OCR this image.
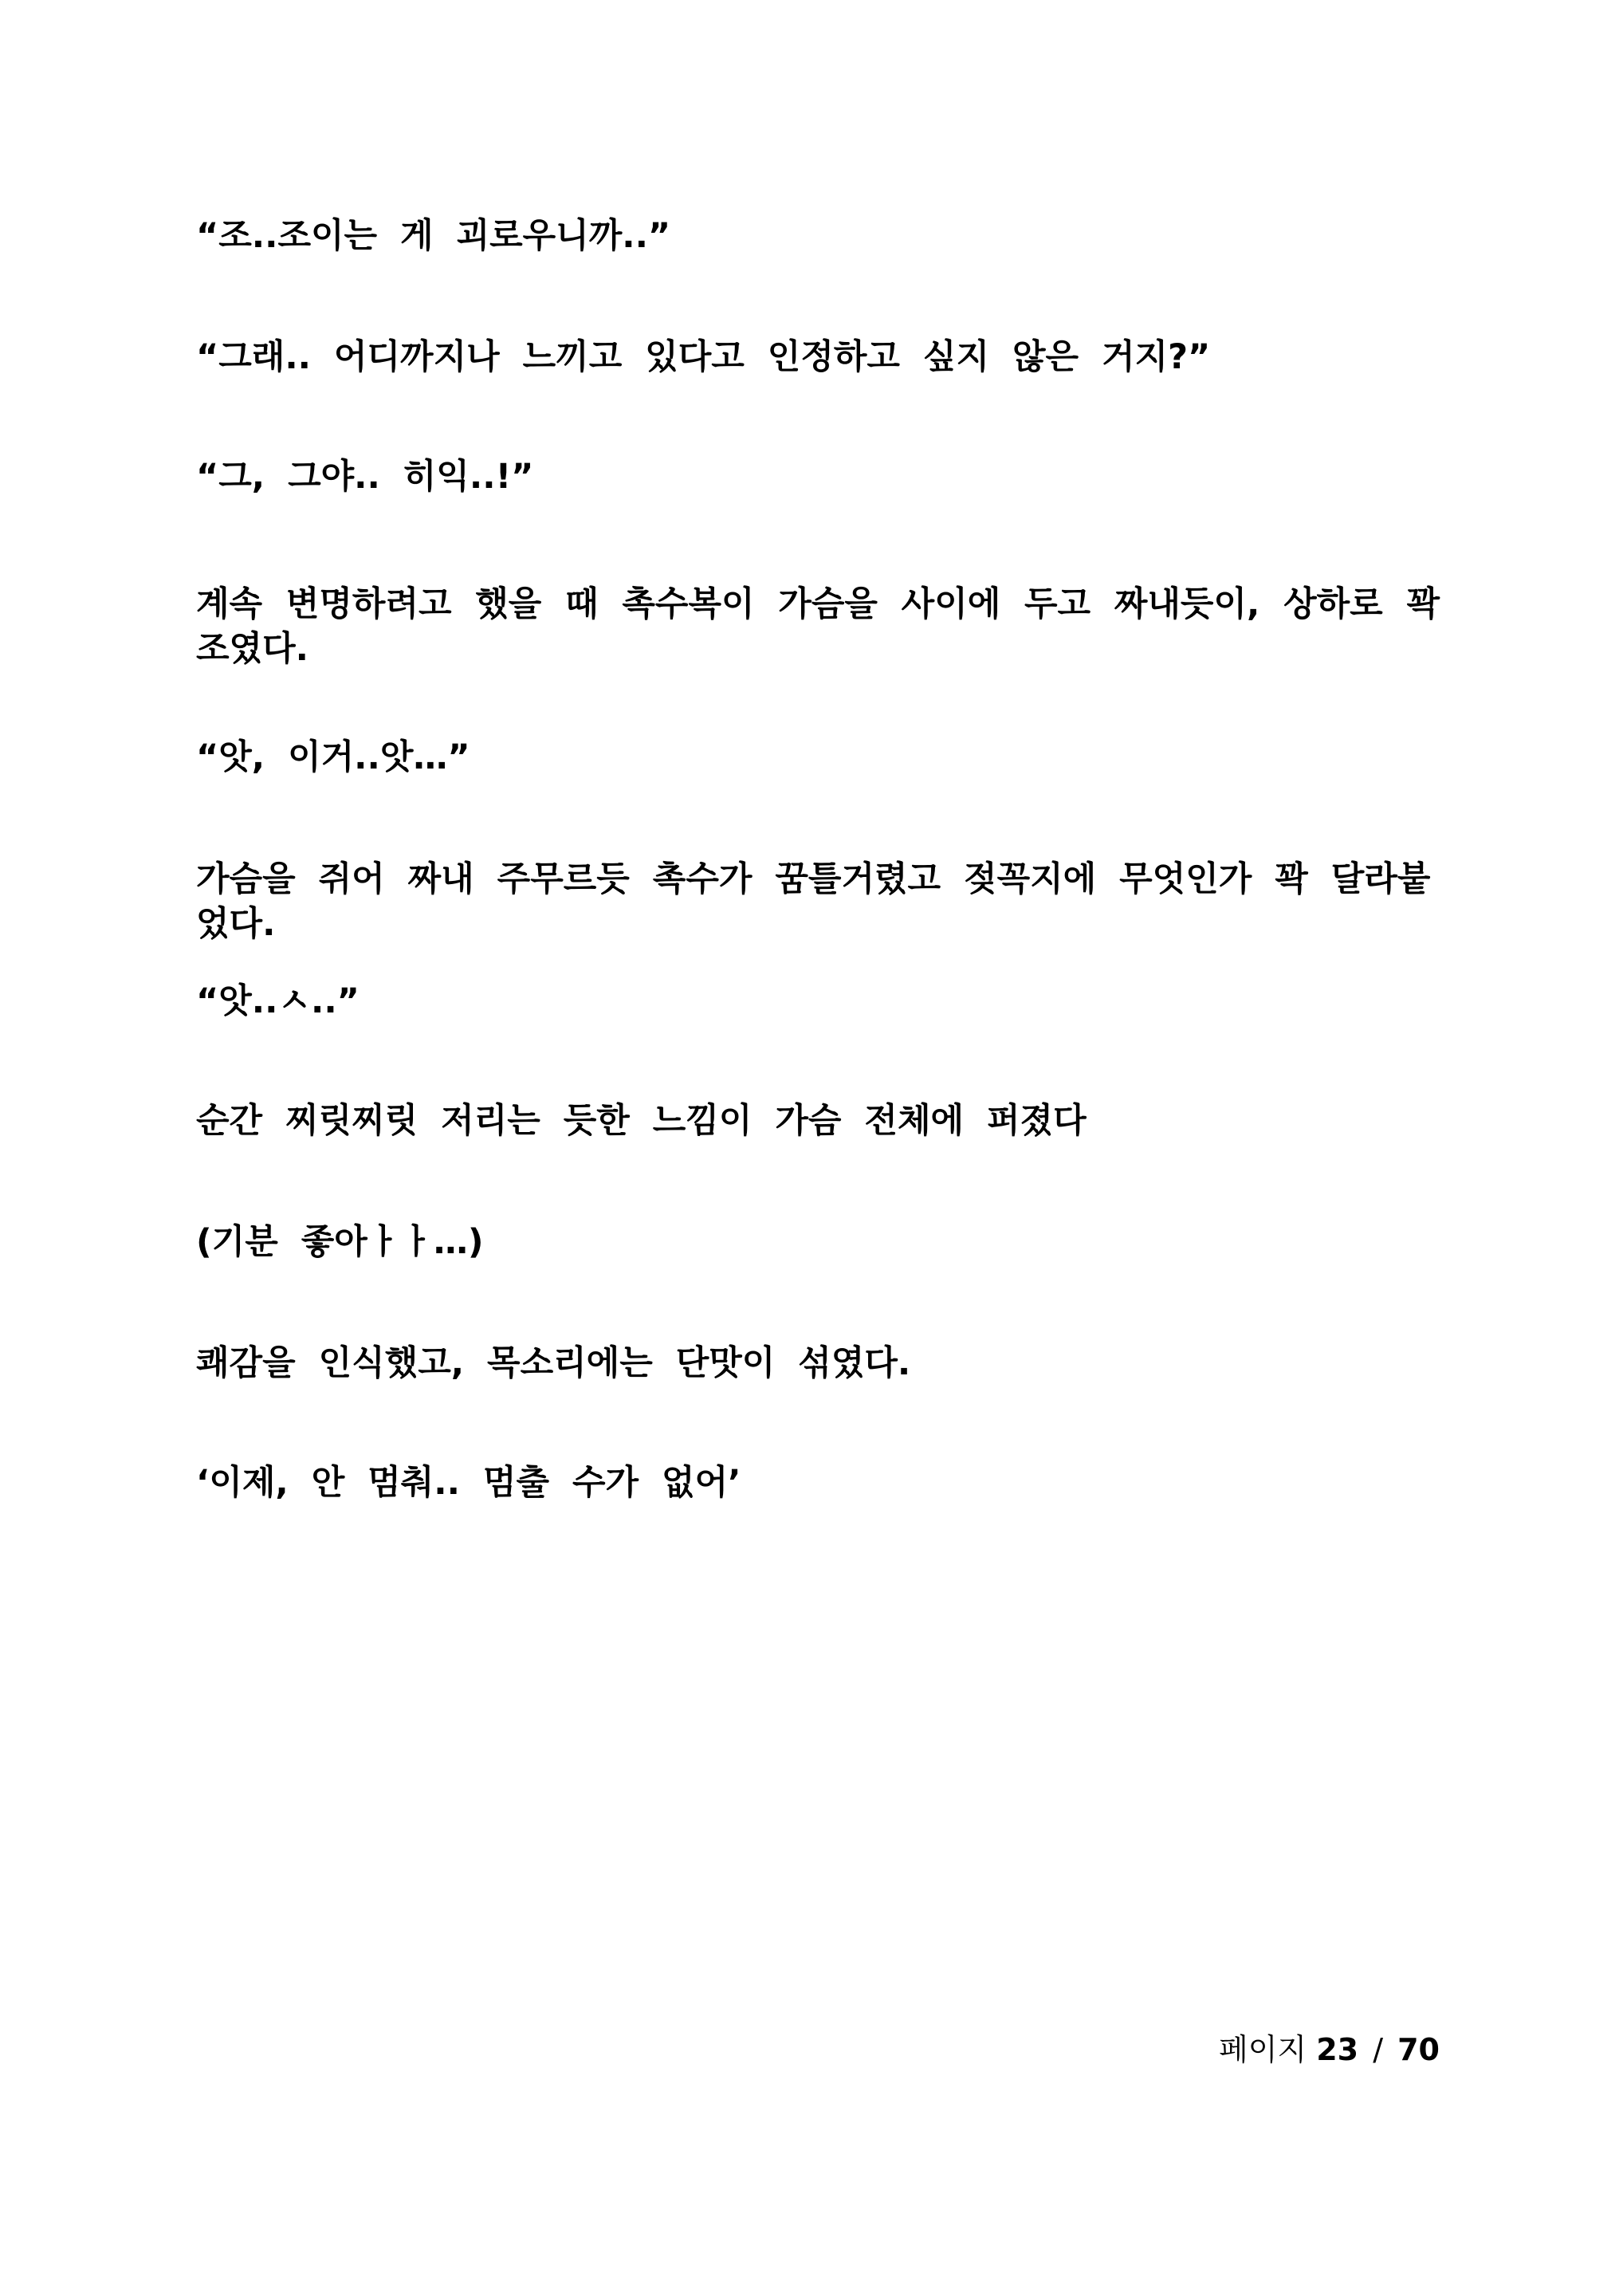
“조..조이는 게 괴로우니까..”

“그래.. 어디까지나 느끼고 있다고 인정하고 싶지 않은 거지?”

“그, 그야.. 히익..!”

계속 변명하려고 했을 때 촉수복이 가슴을 사이에 두고 짜내듯이, 상하로 꽉 조였다.

“앗, 이거..앗…”

가슴을 쥐어 짜내 주무르듯 촉수가 꿈틀거렸고 젖꼭지에 무엇인가 꽉 달라붙었다.

“앗..ㅅ..”

순간 찌릿찌릿 저리는 듯한 느낌이 가슴 전체에 퍼졌다

(기분 좋아ㅏㅏ…)

쾌감을 인식했고, 목소리에는 단맛이 섞였다.

‘이제, 안 멈춰.. 멈출 수가 없어’

페이지 23 / 70
